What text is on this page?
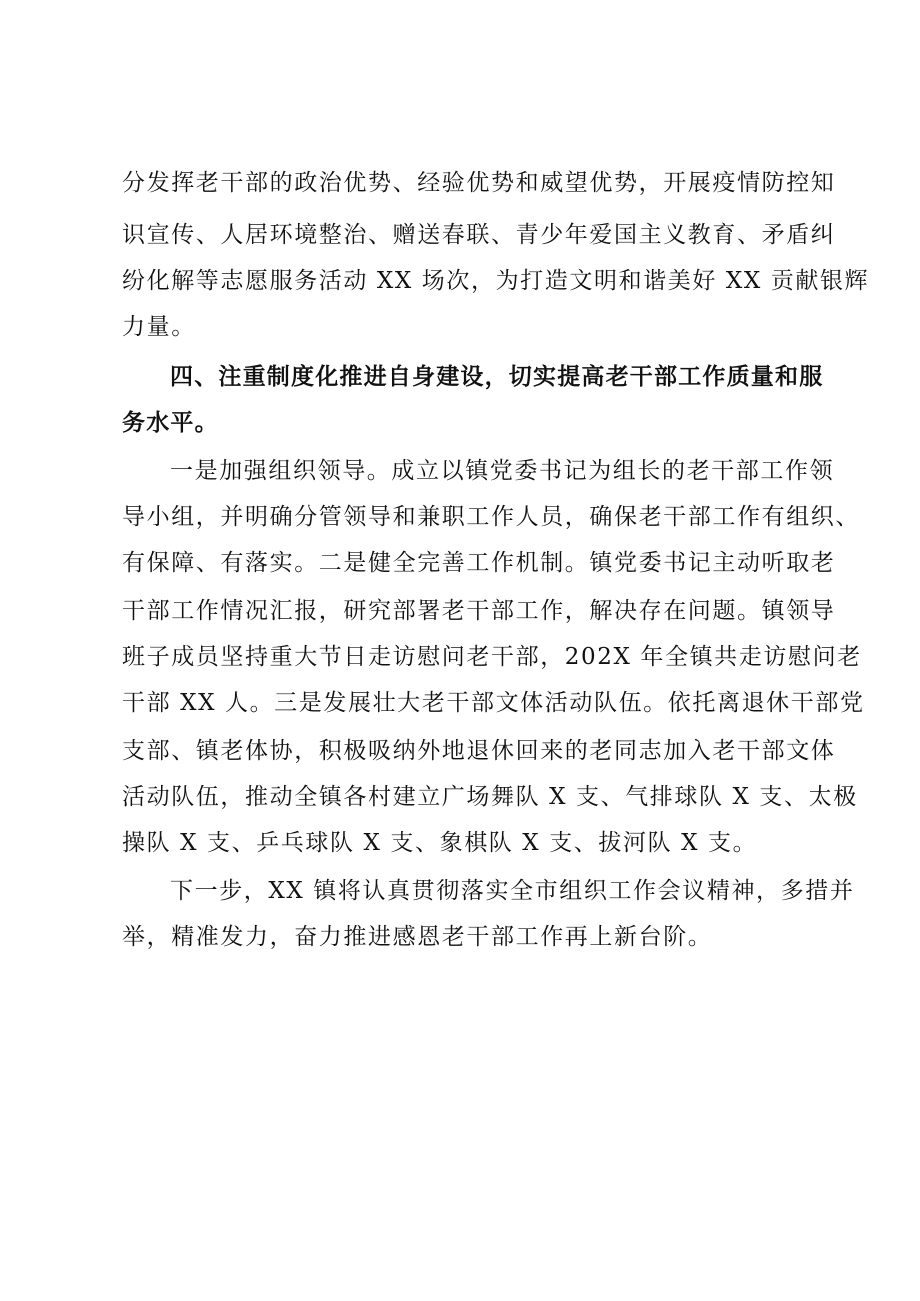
分发挥老干部的政治优势、经验优势和威望优势，开展疫情防控知
识宣传、人居环境整治、赠送春联、青少年爱国主义教育、矛盾纠
纷化解等志愿服务活动 XX 场次，为打造文明和谐美好 XX 贡献银辉
力量。
四、注重制度化推进自身建设，切实提高老干部工作质量和服
务水平。
一是加强组织领导。成立以镇党委书记为组长的老干部工作领
导小组，并明确分管领导和兼职工作人员，确保老干部工作有组织、
有保障、有落实。二是健全完善工作机制。镇党委书记主动听取老
干部工作情况汇报，研究部署老干部工作，解决存在问题。镇领导
班子成员坚持重大节日走访慰问老干部，202X 年全镇共走访慰问老
干部 XX 人。三是发展壮大老干部文体活动队伍。依托离退休干部党
支部、镇老体协，积极吸纳外地退休回来的老同志加入老干部文体
活动队伍，推动全镇各村建立广场舞队 X 支、气排球队 X 支、太极
操队 X 支、乒乓球队 X 支、象棋队 X 支、拔河队 X 支。
下一步，XX 镇将认真贯彻落实全市组织工作会议精神，多措并
举，精准发力，奋力推进感恩老干部工作再上新台阶。
